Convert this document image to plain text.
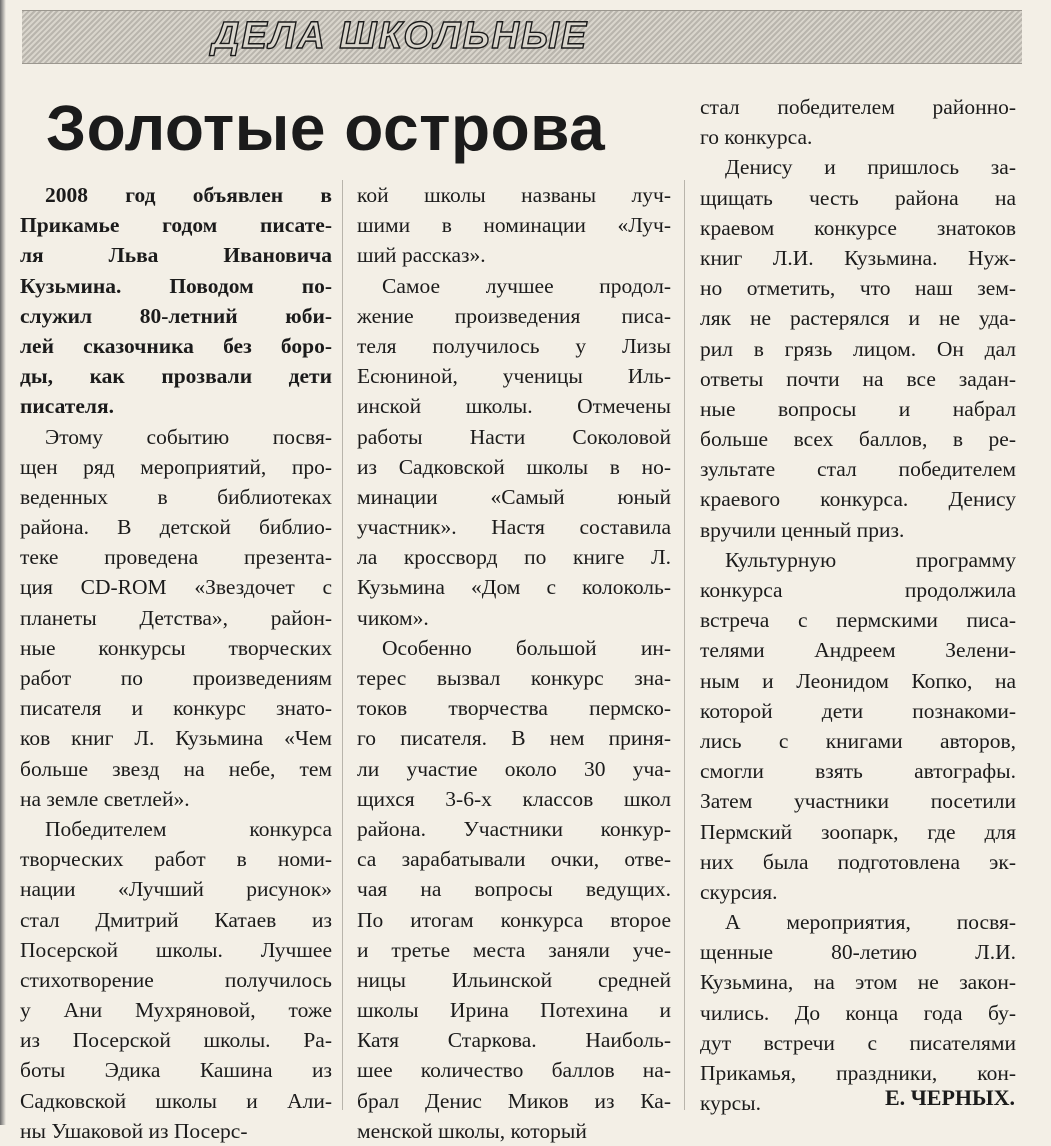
ДЕЛА ШКОЛЬНЫЕ
Золотые острова
2008 год объявлен в
Прикамье годом писате-
ля Льва Ивановича
Кузьмина. Поводом по-
служил 80-летний юби-
лей сказочника без боро-
ды, как прозвали дети
писателя.
Этому событию посвя-
щен ряд мероприятий, про-
веденных в библиотеках
района. В детской библио-
теке проведена презента-
ция CD-ROM «Звездочет с
планеты Детства», район-
ные конкурсы творческих
работ по произведениям
писателя и конкурс знато-
ков книг Л. Кузьмина «Чем
больше звезд на небе, тем
на земле светлей».
Победителем конкурса
творческих работ в номи-
нации «Лучший рисунок»
стал Дмитрий Катаев из
Посерской школы. Лучшее
стихотворение получилось
у Ани Мухряновой, тоже
из Посерской школы. Ра-
боты Эдика Кашина из
Садковской школы и Али-
ны Ушаковой из Посерс-
кой школы названы луч-
шими в номинации «Луч-
ший рассказ».
Самое лучшее продол-
жение произведения писа-
теля получилось у Лизы
Есюниной, ученицы Иль-
инской школы. Отмечены
работы Насти Соколовой
из Садковской школы в но-
минации «Самый юный
участник». Настя составила
ла кроссворд по книге Л.
Кузьмина «Дом с колоколь-
чиком».
Особенно большой ин-
терес вызвал конкурс зна-
токов творчества пермско-
го писателя. В нем приня-
ли участие около 30 уча-
щихся 3-6-х классов школ
района. Участники конкур-
са зарабатывали очки, отве-
чая на вопросы ведущих.
По итогам конкурса второе
и третье места заняли уче-
ницы Ильинской средней
школы Ирина Потехина и
Катя Старкова. Наиболь-
шее количество баллов на-
брал Денис Миков из Ка-
менской школы, который
стал победителем районно-
го конкурса.
Денису и пришлось за-
щищать честь района на
краевом конкурсе знатоков
книг Л.И. Кузьмина. Нуж-
но отметить, что наш зем-
ляк не растерялся и не уда-
рил в грязь лицом. Он дал
ответы почти на все задан-
ные вопросы и набрал
больше всех баллов, в ре-
зультате стал победителем
краевого конкурса. Денису
вручили ценный приз.
Культурную программу
конкурса продолжила
встреча с пермскими писа-
телями Андреем Зелени-
ным и Леонидом Копко, на
которой дети познакоми-
лись с книгами авторов,
смогли взять автографы.
Затем участники посетили
Пермский зоопарк, где для
них была подготовлена эк-
скурсия.
А мероприятия, посвя-
щенные 80-летию Л.И.
Кузьмина, на этом не закон-
чились. До конца года бу-
дут встречи с писателями
Прикамья, праздники, кон-
курсы.	Е. ЧЕРНЫХ.
